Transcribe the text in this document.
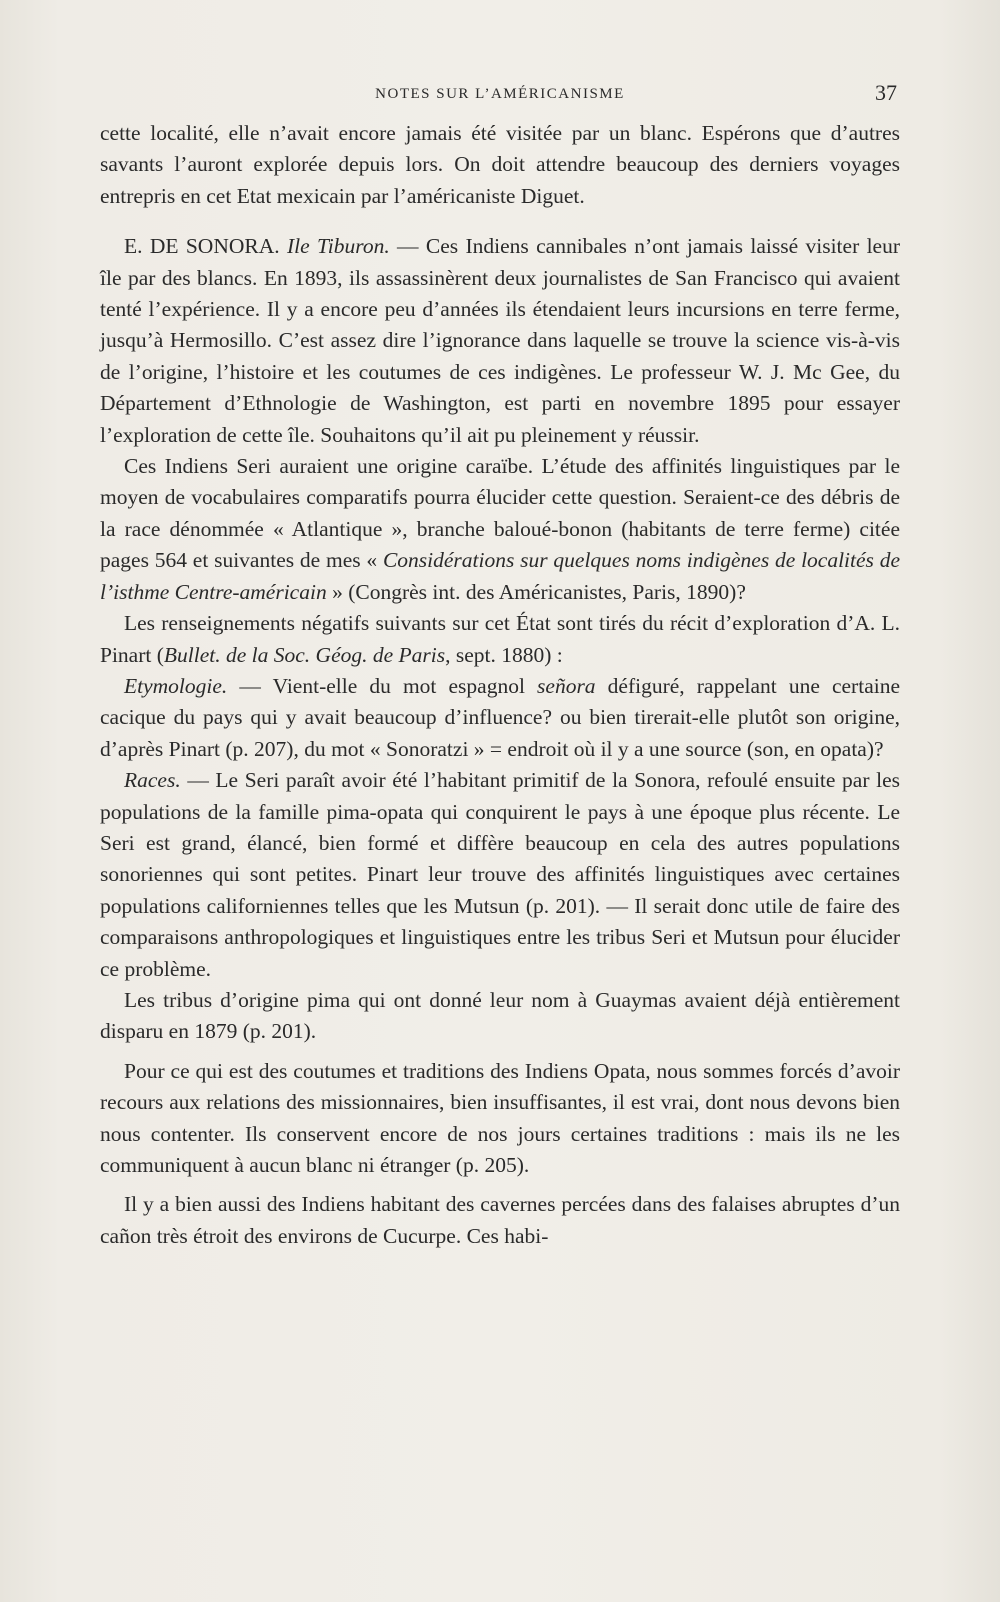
NOTES SUR L’AMÉRICANISME	37

cette localité, elle n’avait encore jamais été visitée par un blanc. Espérons que d’autres savants l’auront explorée depuis lors. On doit attendre beaucoup des derniers voyages entrepris en cet Etat mexicain par l’américaniste Diguet.

E. DE SONORA. Ile Tiburon. — Ces Indiens cannibales n’ont jamais laissé visiter leur île par des blancs. En 1893, ils assassinèrent deux journalistes de San Francisco qui avaient tenté l’expérience. Il y a encore peu d’années ils étendaient leurs incursions en terre ferme, jusqu’à Hermosillo. C’est assez dire l’ignorance dans laquelle se trouve la science vis-à-vis de l’origine, l’histoire et les coutumes de ces indigènes. Le professeur W. J. Mc Gee, du Département d’Ethnologie de Washington, est parti en novembre 1895 pour essayer l’exploration de cette île. Souhaitons qu’il ait pu pleinement y réussir.

Ces Indiens Seri auraient une origine caraïbe. L’étude des affinités linguistiques par le moyen de vocabulaires comparatifs pourra élucider cette question. Seraient-ce des débris de la race dénommée « Atlantique », branche baloué-bonon (habitants de terre ferme) citée pages 564 et suivantes de mes « Considérations sur quelques noms indigènes de localités de l’isthme Centre-américain » (Congrès int. des Américanistes, Paris, 1890)?

Les renseignements négatifs suivants sur cet État sont tirés du récit d’exploration d’A. L. Pinart (Bullet. de la Soc. Géog. de Paris, sept. 1880) :

Etymologie. — Vient-elle du mot espagnol señora défiguré, rappelant une certaine cacique du pays qui y avait beaucoup d’influence? ou bien tirerait-elle plutôt son origine, d’après Pinart (p. 207), du mot « Sonoratzi » = endroit où il y a une source (son, en opata)?

Races. — Le Seri paraît avoir été l’habitant primitif de la Sonora, refoulé ensuite par les populations de la famille pima-opata qui conquirent le pays à une époque plus récente. Le Seri est grand, élancé, bien formé et diffère beaucoup en cela des autres populations sonoriennes qui sont petites. Pinart leur trouve des affinités linguistiques avec certaines populations californiennes telles que les Mutsun (p. 201). — Il serait donc utile de faire des comparaisons anthropologiques et linguistiques entre les tribus Seri et Mutsun pour élucider ce problème.

Les tribus d’origine pima qui ont donné leur nom à Guaymas avaient déjà entièrement disparu en 1879 (p. 201).

Pour ce qui est des coutumes et traditions des Indiens Opata, nous sommes forcés d’avoir recours aux relations des missionnaires, bien insuffisantes, il est vrai, dont nous devons bien nous contenter. Ils conservent encore de nos jours certaines traditions : mais ils ne les communiquent à aucun blanc ni étranger (p. 205).

Il y a bien aussi des Indiens habitant des cavernes percées dans des falaises abruptes d’un cañon très étroit des environs de Cucurpe. Ces habi-
